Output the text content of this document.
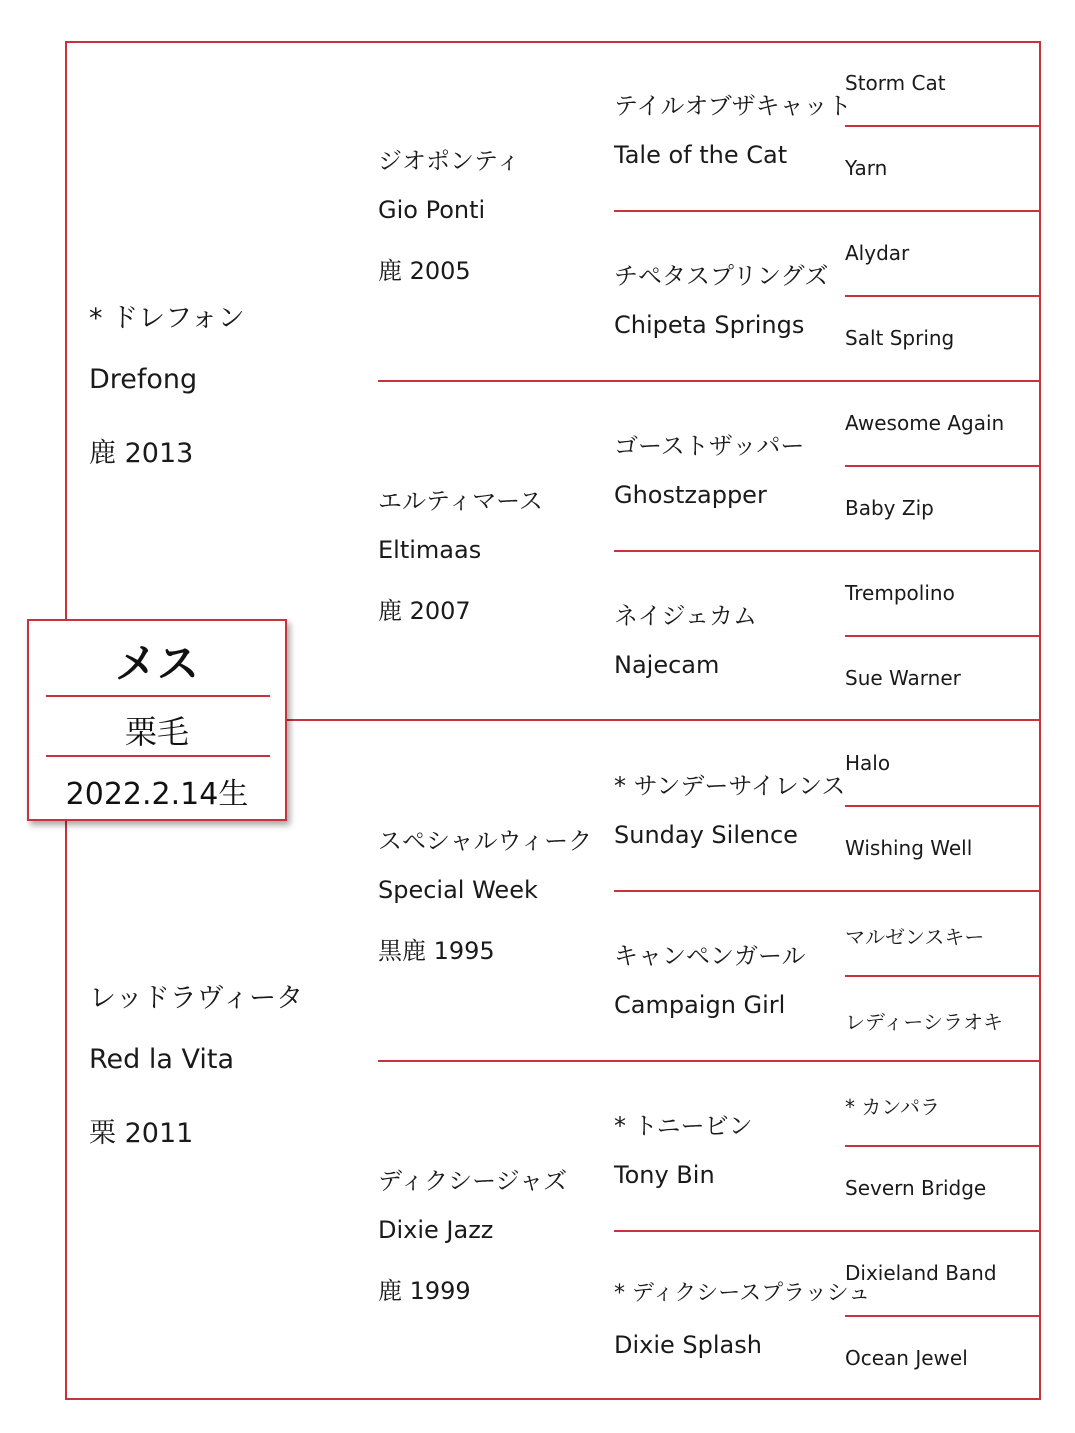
* ドレフォン
Drefong
鹿 2013
レッドラヴィータ
Red la Vita
栗 2011
ジオポンティ
Gio Ponti
鹿 2005
エルティマース
Eltimaas
鹿 2007
スペシャルウィーク
Special Week
黒鹿 1995
ディクシージャズ
Dixie Jazz
鹿 1999
テイルオブザキャット
Tale of the Cat
チペタスプリングズ
Chipeta Springs
ゴーストザッパー
Ghostzapper
ネイジェカム
Najecam
* サンデーサイレンス
Sunday Silence
キャンペンガール
Campaign Girl
* トニービン
Tony Bin
* ディクシースプラッシュ
Dixie Splash
Storm Cat
Yarn
Alydar
Salt Spring
Awesome Again
Baby Zip
Trempolino
Sue Warner
Halo
Wishing Well
マルゼンスキー
レディーシラオキ
* カンパラ
Severn Bridge
Dixieland Band
Ocean Jewel
メス
栗毛
2022.2.14生
